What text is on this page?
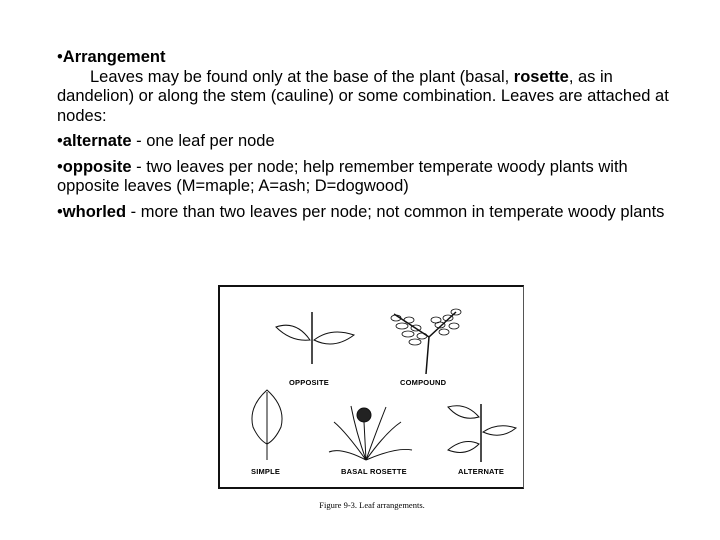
•Arrangement
Leaves may be found only at the base of the plant (basal, rosette, as in dandelion) or along the stem (cauline) or some combination. Leaves are attached at nodes:

•alternate - one leaf per node

•opposite - two leaves per node; help remember temperate woody plants with opposite leaves (M=maple; A=ash; D=dogwood)

•whorled - more than two leaves per node; not common in temperate woody plants

OPPOSITE	COMPOUND
SIMPLE	BASAL ROSETTE	ALTERNATE
Figure 9-3. Leaf arrangements.
